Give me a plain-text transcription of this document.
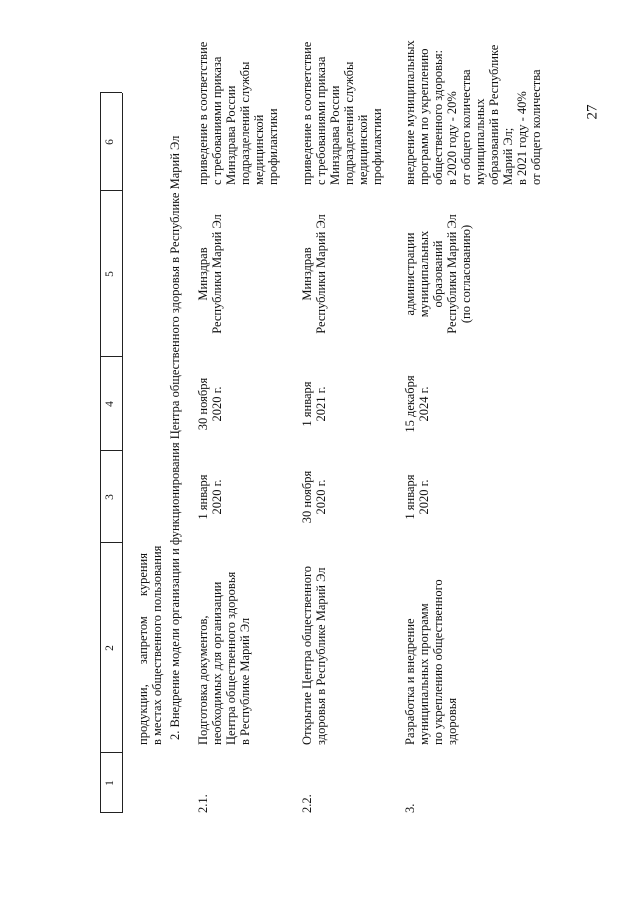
27
1
2
3
4
5
6
продукции, запретом курения в местах общественного пользования 2. Внедрение модели организации и функционирования Центра общественного здоровья в Республике Марий Эл
2.1.
Подготовка документов, необходимых для организации Центра общественного здоровья в Республике Марий Эл
1 января 2020 г.
30 ноября 2020 г.
Минздрав Республики Марий Эл
приведение в соответствие с требованиями приказа Минздрава России подразделений службы медицинской профилактики
2.2.
Открытие Центра общественного здоровья в Республике Марий Эл
30 ноября 2020 г.
1 января 2021 г.
Минздрав Республики Марий Эл
приведение в соответствие с требованиями приказа Минздрава России подразделений службы медицинской профилактики
3.
Разработка и внедрение муниципальных программ по укреплению общественного здоровья
1 января 2020 г.
15 декабря 2024 г.
администрации муниципальных образований Республики Марий Эл (по согласованию)
внедрение муниципальных программ по укреплению общественного здоровья: в 2020 году - 20% от общего количества муниципальных образований в Республике Марий Эл; в 2021 году - 40% от общего количества
